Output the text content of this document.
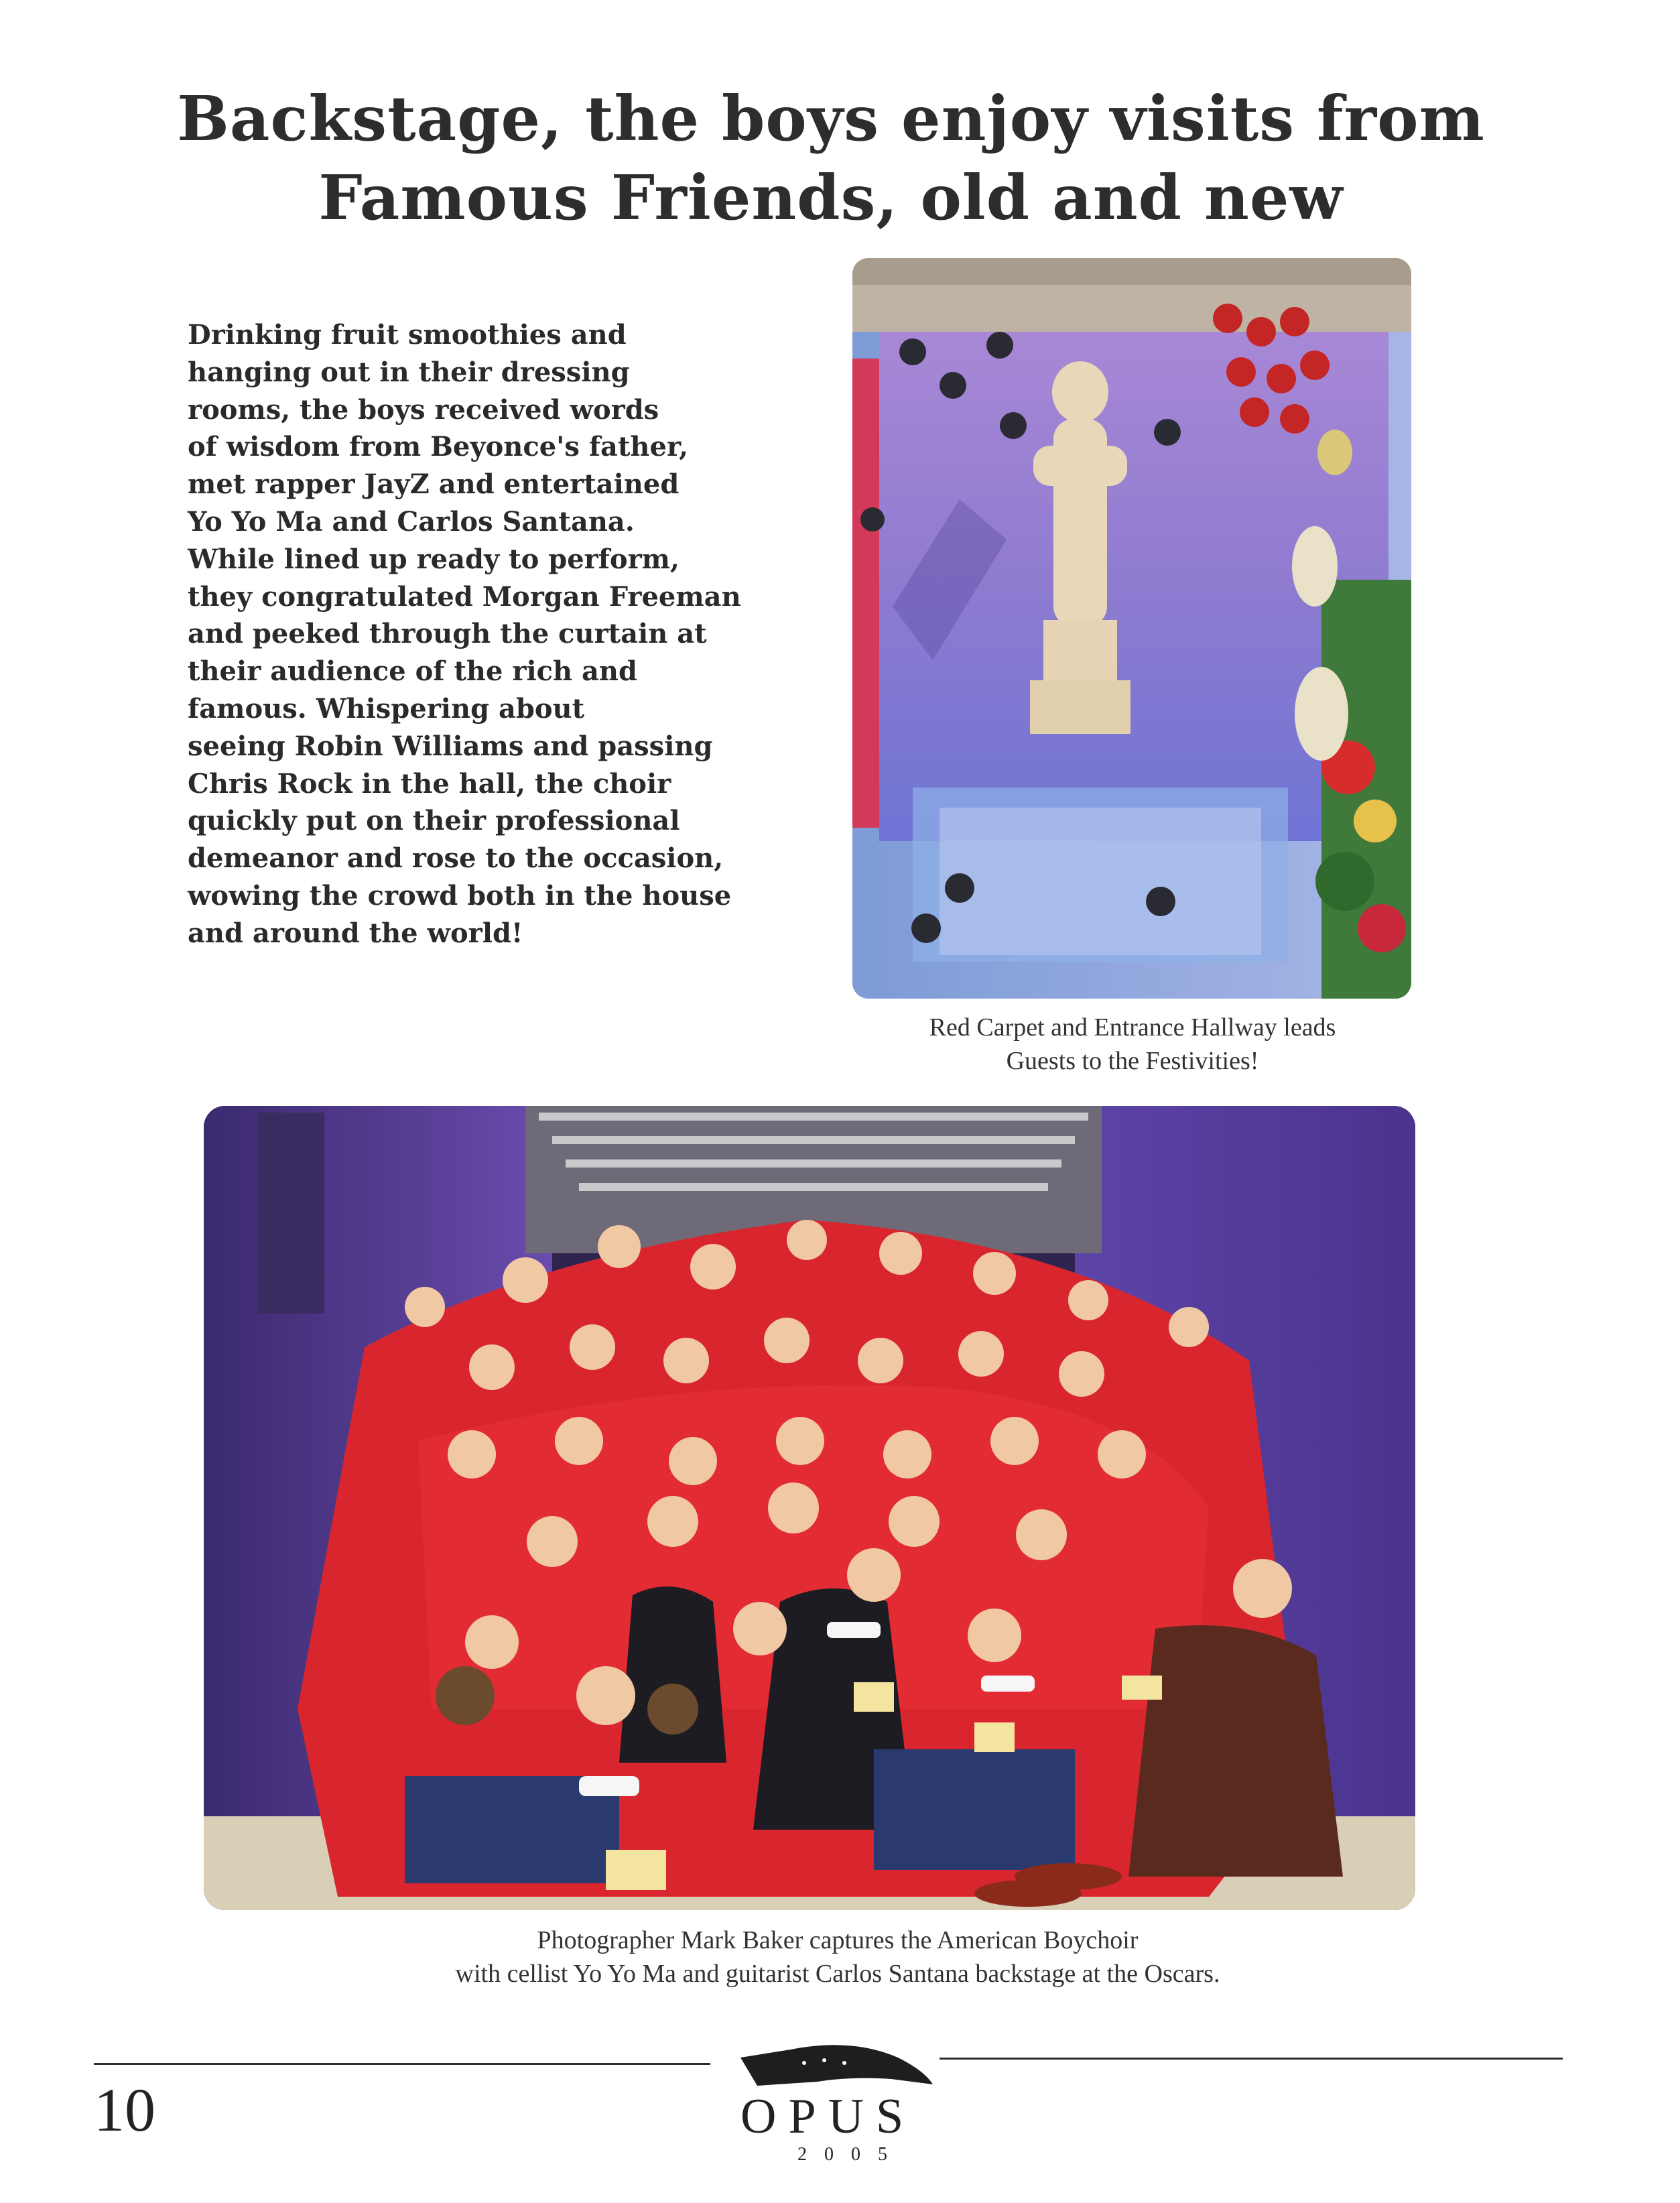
Backstage, the boys enjoy visits from
Famous Friends, old and new
Drinking fruit smoothies and
hanging out in their dressing
rooms, the boys received words
of wisdom from Beyonce's father,
met rapper JayZ and entertained
Yo Yo Ma and Carlos Santana.
While lined up ready to perform,
they congratulated Morgan Freeman
and peeked through the curtain at
their audience of the rich and
famous. Whispering about
seeing Robin Williams and passing
Chris Rock in the hall, the choir
quickly put on their professional
demeanor and rose to the occasion,
wowing the crowd both in the house
and around the world!
Red Carpet and Entrance Hallway leads
Guests to the Festivities!
Photographer Mark Baker captures the American Boychoir
with cellist Yo Yo Ma and guitarist Carlos Santana backstage at the Oscars.
10	OPUS
2005
